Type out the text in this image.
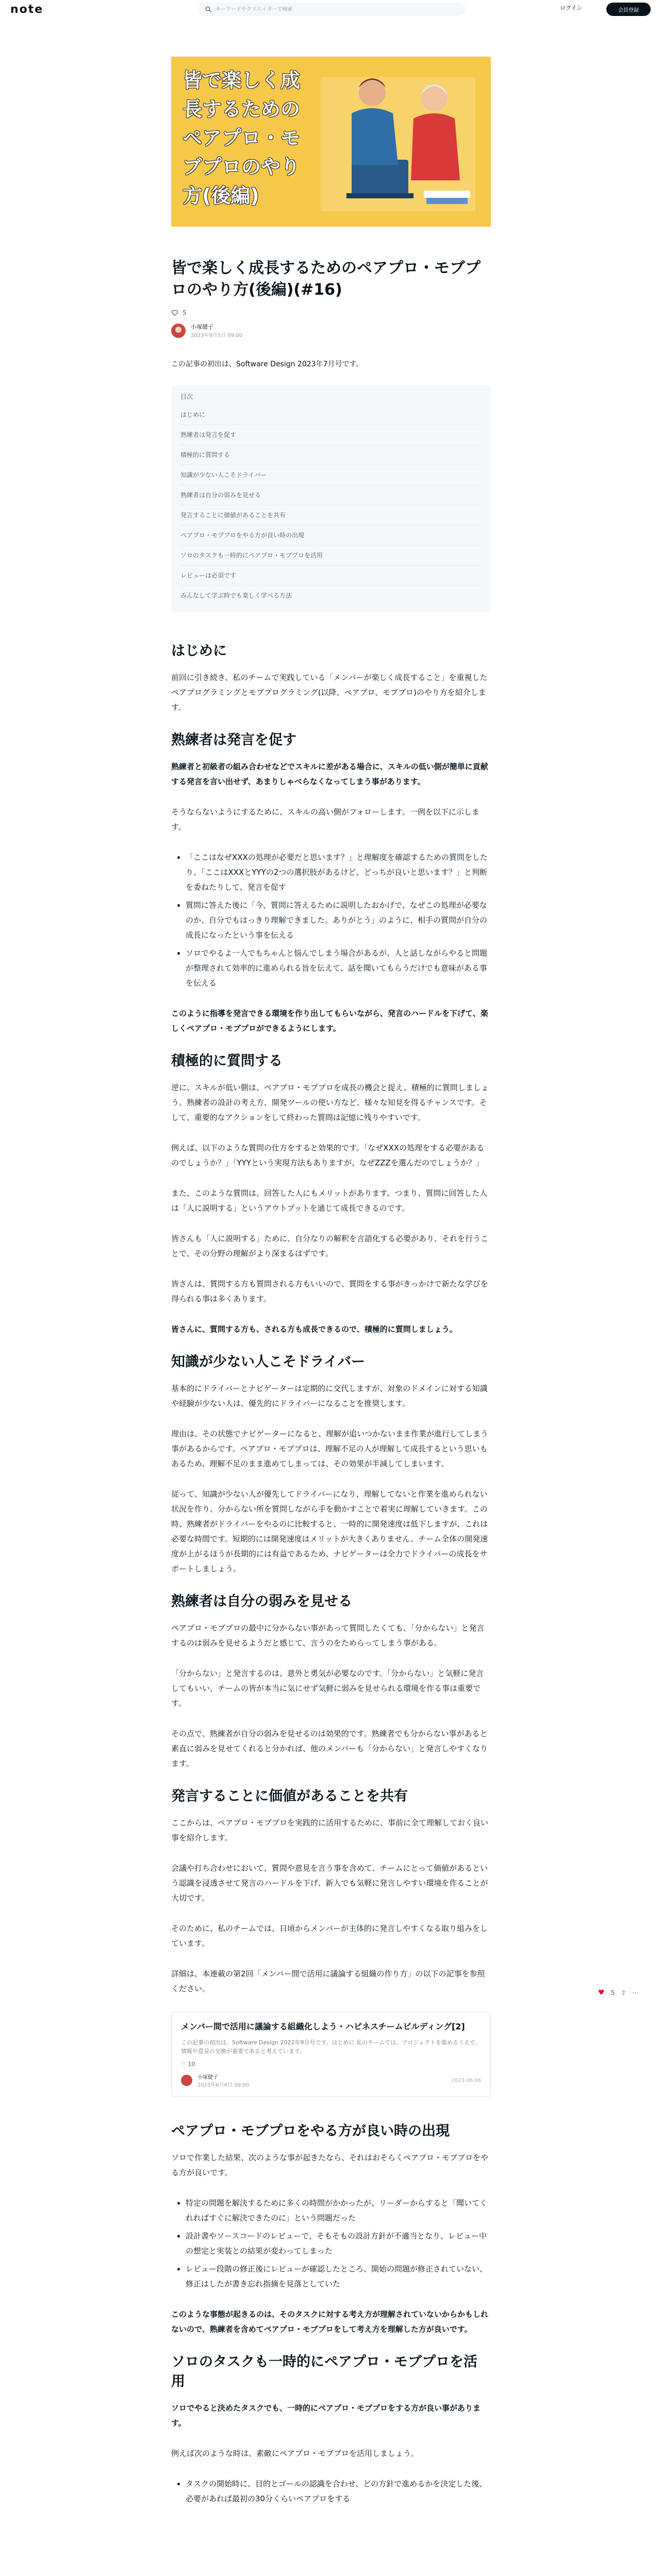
note
キーワードやクリエイターで検索	ログイン	会員登録
皆で楽しく成長するためのペアプロ・モブプロのやり方(後編)
皆で楽しく成長するためのペアプロ・モブプロのやり方(後編)(#16)
5
小塚健子
2023年9月5日 09:00

この記事の初出は、Software Design 2023年7月号です。

目次
はじめに
熟練者は発言を促す
積極的に質問する
知識が少ない人こそドライバー
熟練者は自分の弱みを見せる
発言することに価値があることを共有
ペアプロ・モブプロをやる方が良い時の出現
ソロのタスクも一時的にペアプロ・モブプロを活用
レビューは必須です
みんなして学ぶ時でも楽しく学べる方法
はじめに

前回に引き続き、私のチームで実践している「メンバーが楽しく成長すること」を重視したペアプログラミングとモブプログラミング(以降、ペアプロ、モブプロ)のやり方を紹介します。

熟練者は発言を促す

熟練者と初級者の組み合わせなどでスキルに差がある場合に、スキルの低い側が簡単に貢献する発言を言い出せず、あまりしゃべらなくなってしまう事があります。

そうならないようにするために、スキルの高い側がフォローします。一例を以下に示します。

• 「ここはなぜXXXの処理が必要だと思います？」と理解度を確認するための質問をしたり、「ここはXXXとYYYの2つの選択肢があるけど、どっちが良いと思います？」と判断を委ねたりして、発言を促す
• 質問に答えた後に「今、質問に答えるために説明したおかげで、なぜこの処理が必要なのか、自分でもはっきり理解できました。ありがとう」のように、相手の質問が自分の成長になったという事を伝える
• ソロでやるよ一人でもちゃんと悩んでしまう場合があるが、人と話しながらやると問題が整理されて効率的に進められる旨を伝えて、話を聞いてもらうだけでも意味がある事を伝える

このように指導を発言できる環境を作り出してもらいながら、発言のハードルを下げて、楽しくペアプロ・モブプロができるようにします。

積極的に質問する

逆に、スキルが低い側は、ペアプロ・モブプロを成長の機会と捉え、積極的に質問しましょう。熟練者の設計の考え方、開発ツールの使い方など、様々な知見を得るチャンスです。そして、重要的なアクションをして終わった質問は記憶に残りやすいです。

例えば、以下のような質問の仕方をすると効果的です。「なぜXXXの処理をする必要があるのでしょうか？」「YYYという実現方法もありますが、なぜZZZを選んだのでしょうか？」

また、このような質問は、回答した人にもメリットがあります。つまり、質問に回答した人は「人に説明する」というアウトプットを通じて成長できるのです。

皆さんも「人に説明する」ために、自分なりの解釈を言語化する必要があり、それを行うことで、その分野の理解がより深まるはずです。

皆さんは、質問する方も質問される方もいいので、質問をする事がきっかけで新たな学びを得られる事は多くあります。

皆さんに、質問する方も、される方も成長できるので、積極的に質問しましょう。

知識が少ない人こそドライバー

基本的にドライバーとナビゲーターは定期的に交代しますが、対象のドメインに対する知識や経験が少ない人は、優先的にドライバーになることを推奨します。

理由は、その状態でナビゲーターになると、理解が追いつかないまま作業が進行してしまう事があるからです。ペアプロ・モブプロは、理解不足の人が理解して成長するという思いもあるため、理解不足のまま進めてしまっては、その効果が半減してしまいます。

従って、知識が少ない人が優先してドライバーになり、理解してないと作業を進められない状況を作り、分からない所を質問しながら手を動かすことで着実に理解していきます。この時、熟練者がドライバーをやるのに比較すると、一時的に開発速度は低下しますが、これは必要な時間です。短期的には開発速度はメリットが大きくありません。チーム全体の開発速度が上がるほうが長期的には有益であるため、ナビゲーターは全力でドライバーの成長をサポートしましょう。

熟練者は自分の弱みを見せる

ペアプロ・モブプロの最中に分からない事があって質問したくても、「分からない」と発言するのは弱みを見せるようだと感じて、言うのをためらってしまう事がある。

「分からない」と発言するのは、意外と勇気が必要なのです。「分からない」と気軽に発言してもいい、チームの皆が本当に気にせず気軽に弱みを見せられる環境を作る事は重要です。

その点で、熟練者が自分の弱みを見せるのは効果的です。熟練者でも分からない事があると素直に弱みを見せてくれると分かれば、他のメンバーも「分からない」と発言しやすくなります。

発言することに価値があることを共有

ここからは、ペアプロ・モブプロを実践的に活用するために、事前に全て理解しておく良い事を紹介します。

会議や打ち合わせにおいて、質問や意見を言う事を含めて、チームにとって価値があるという認識を浸透させて発言のハードルを下げ、新人でも気軽に発言しやすい環境を作ることが大切です。

そのために、私のチームでは、日頃からメンバーが主体的に発言しやすくなる取り組みをしています。

詳細は、本連載の第2回「メンバー間で活用に議論する組織の作り方」の以下の記事を参照ください。

メンバー間で活用に議論する組織化しよう・ハピネスチームビルディング[2]
この記事の初出は、Software Design 2022年9月号です。はじめに 私のチームでは、プロジェクトを進めるうえで、情報や意見の交換が重要であると考えています。
♡ 10
小塚健子
2023年6月6日 09:00
2023.06.06
ペアプロ・モブプロをやる方が良い時の出現

ソロで作業した結果、次のような事が起きたなら、それはおそらくペアプロ・モブプロをやる方が良いです。

• 特定の問題を解決するために多くの時間がかかったが、リーダーからすると「聞いてくれればすぐに解決できたのに」という問題だった
• 設計書やソースコードのレビューで、そもそもの設計方針が不適当となり、レビュー中の想定と実装との結果が変わってしまった
• レビュー段階の修正後にレビューが確認したところ、開始の問題が修正されていない、修正はしたが書き忘れ指摘を見落としていた

このような事態が起きるのは、そのタスクに対する考え方が理解されていないからかもしれないので、熟練者を含めてペアプロ・モブプロをして考え方を理解した方が良いです。

ソロのタスクも一時的にペアプロ・モブプロを活用

ソロでやると決めたタスクでも、一時的にペアプロ・モブプロをする方が良い事があります。

例えば次のような時は、素敵にペアプロ・モブプロを活用しましょう。

• タスクの開始時に、目的とゴールの認識を合わせ、どの方針で進めるかを決定した後、必要があれば最初の30分くらいペアプロをする
♥ 5 ⇪ ⋯
